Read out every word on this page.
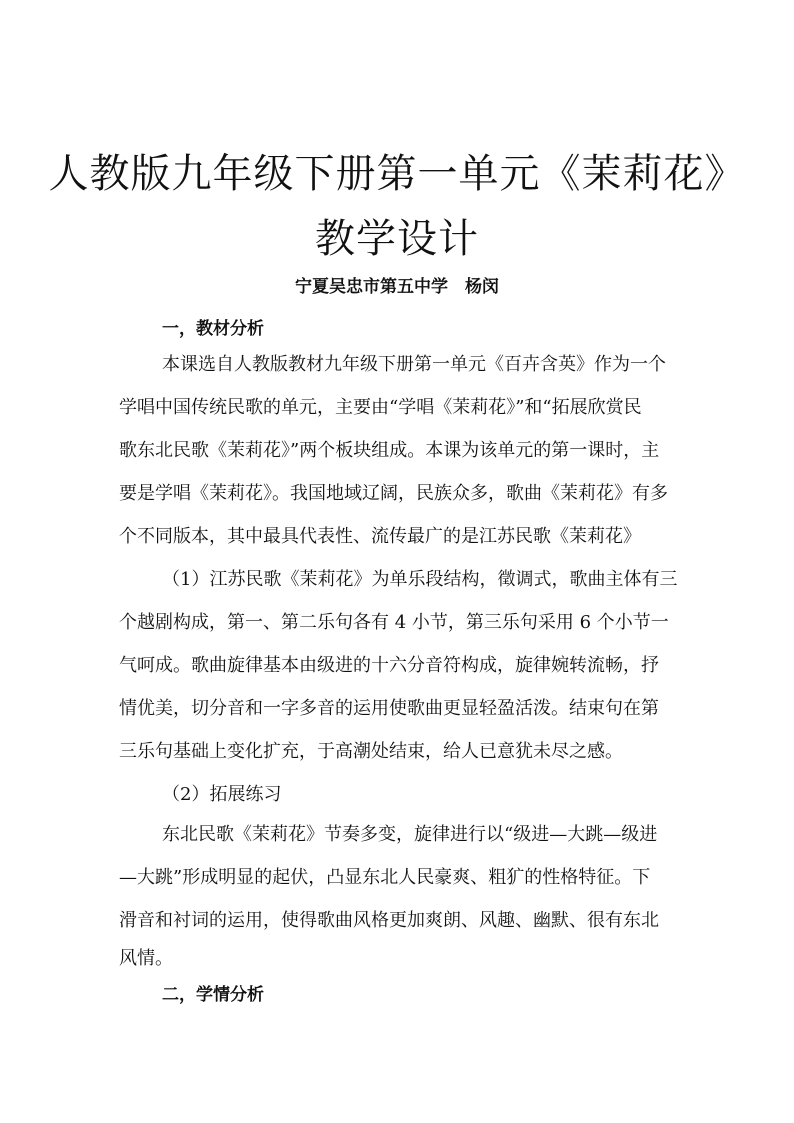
人教版九年级下册第一单元《茉莉花》
教学设计
宁夏吴忠市第五中学　杨闵
一，教材分析
本课选自人教版教材九年级下册第一单元《百卉含英》作为一个
学唱中国传统民歌的单元，主要由“学唱《茉莉花》”和“拓展欣赏民
歌东北民歌《茉莉花》”两个板块组成。本课为该单元的第一课时，主
要是学唱《茉莉花》。我国地域辽阔，民族众多，歌曲《茉莉花》有多
个不同版本，其中最具代表性、流传最广的是江苏民歌《茉莉花》
（1）江苏民歌《茉莉花》为单乐段结构，徵调式，歌曲主体有三
个越剧构成，第一、第二乐句各有 4 小节，第三乐句采用 6 个小节一
气呵成。歌曲旋律基本由级进的十六分音符构成，旋律婉转流畅，抒
情优美，切分音和一字多音的运用使歌曲更显轻盈活泼。结束句在第
三乐句基础上变化扩充，于高潮处结束，给人已意犹未尽之感。
（2）拓展练习
东北民歌《茉莉花》节奏多变，旋律进行以“级进—大跳—级进
—大跳”形成明显的起伏，凸显东北人民豪爽、粗犷的性格特征。下
滑音和衬词的运用，使得歌曲风格更加爽朗、风趣、幽默、很有东北
风情。
二，学情分析
